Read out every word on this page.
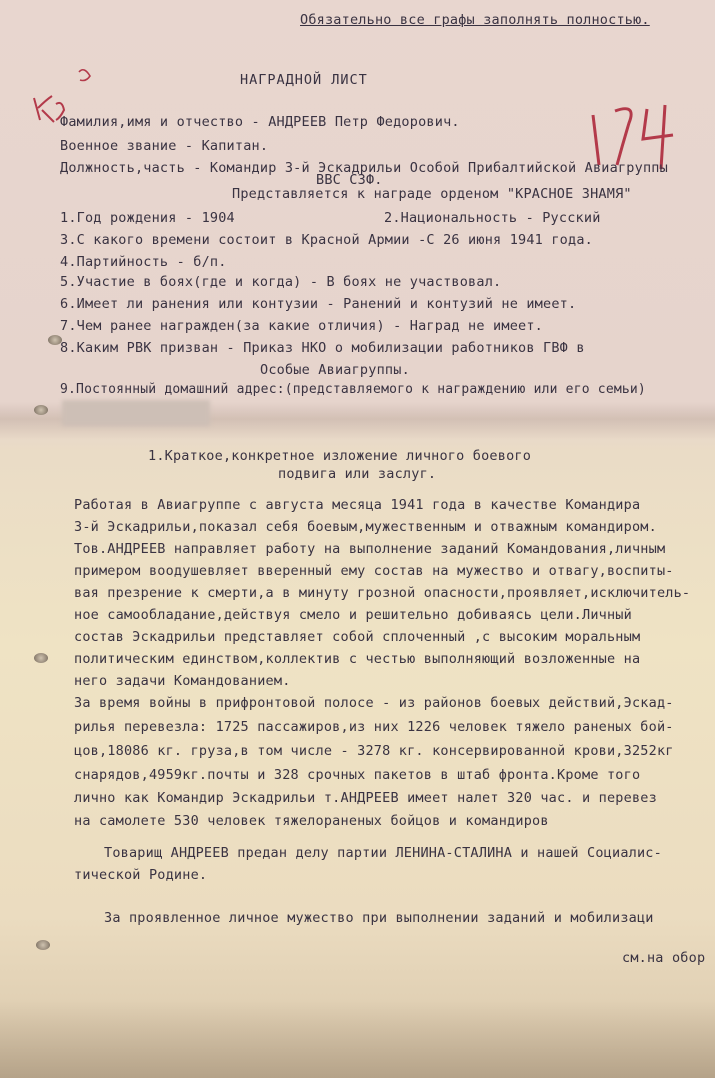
Обязательно все графы заполнять полностью.
НАГРАДНОЙ ЛИСТ
Фамилия,имя и отчество - АНДРЕЕВ Петр Федорович.
Военное звание - Капитан.
Должность,часть - Командир 3-й Эскадрильи Особой Прибалтийской Авиагруппы
ВВС СЗФ.
Представляется к награде орденом "КРАСНОЕ ЗНАМЯ"
1.Год рождения - 1904	2.Национальность - Русский
3.С какого времени состоит в Красной Армии -С 26 июня 1941 года.
4.Партийность - б/п.
5.Участие в боях(где и когда) - В боях не участвовал.
6.Имеет ли ранения или контузии - Ранений и контузий не имеет.
7.Чем ранее награжден(за какие отличия) - Наград не имеет.
8.Каким РВК призван - Приказ НКО о мобилизации работников ГВФ в
Особые Авиагруппы.
9.Постоянный домашний адрес:(представляемого к награждению или его семьи)
1.Краткое,конкретное изложение личного боевого
подвига или заслуг.
Работая в Авиагруппе с августа месяца 1941 года в качестве Командира
3-й Эскадрильи,показал себя боевым,мужественным и отважным командиром.
Тов.АНДРЕЕВ направляет работу на выполнение заданий Командования,личным
примером воодушевляет вверенный ему состав на мужество и отвагу,воспиты-
вая презрение к смерти,а в минуту грозной опасности,проявляет,исключитель-
ное самообладание,действуя смело и решительно добиваясь цели.Личный
состав Эскадрильи представляет собой сплоченный ,с высоким моральным
политическим единством,коллектив с честью выполняющий возложенные на
него задачи Командованием.
За время войны в прифронтовой полосе - из районов боевых действий,Эскад-
рилья перевезла: 1725 пассажиров,из них 1226 человек тяжело раненых бой-
цов,18086 кг. груза,в том числе - 3278 кг. консервированной крови,3252кг
снарядов,4959кг.почты и 328 срочных пакетов в штаб фронта.Кроме того
лично как Командир Эскадрильи т.АНДРЕЕВ имеет налет 320 час. и перевез
на самолете 530 человек тяжелораненых бойцов и командиров
Товарищ АНДРЕЕВ предан делу партии ЛЕНИНА-СТАЛИНА и нашей Социалис-
тической Родине.
За проявленное личное мужество при выполнении заданий и мобилизаци
см.на обор
